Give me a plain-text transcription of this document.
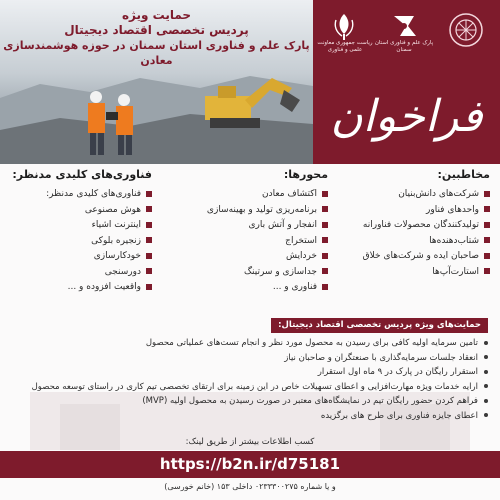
حمایت ویژه
پردیس تخصصی اقتصاد دیجیتال
پارک علم و فناوری استان سمنان در حوزه هوشمندسازی معادن
پارک علم و فناوری استان سمنان
ریاست جمهوری معاونت علمی و فناوری
فراخوان
مخاطبین:
شرکت‌های دانش‌بنیان
واحدهای فناور
تولیدکنندگان محصولات فناورانه
شتاب‌دهنده‌ها
صاحبان ایده و شرکت‌های خلاق
استارت‌آپ‌ها
محورها:
اکتشاف معادن
برنامه‌ریزی تولید و بهینه‌سازی
انفجار و آتش باری
استخراج
خردایش
جداسازی و سرتینگ
فناوری و ...
فناوری‌های کلیدی مدنظر:
فناوری‌های کلیدی مدنظر:
هوش مصنوعی
اینترنت اشیاء
زنجیره بلوکی
خودکارسازی
دورسنجی
واقعیت افزوده و ...
حمایت‌های ویژه پردیس تخصصی اقتصاد دیجیتال:
تامین سرمایه اولیه کافی برای رسیدن به محصول مورد نظر و انجام تست‌های عملیاتی محصول
انعقاد جلسات سرمایه‌گذاری با صنعتگران و صاحبان نیاز
استقرار رایگان در پارک در ۹ ماه اول استقرار
ارایه خدمات ویژه مهارت‌افزایی و اعطای تسهیلات خاص در این زمینه برای ارتقای تخصصی تیم کاری در راستای توسعه محصول
فراهم کردن حضور رایگان تیم در نمایشگاه‌های معتبر در صورت رسیدن به محصول اولیه (MVP)
اعطای جایزه فناوری برای طرح های برگزیده
کسب اطلاعات بیشتر از طریق لینک:
https://b2n.ir/d75181
و یا شماره ۰۲۳۳۳۰۰۲۷۵ داخلی ۱۵۳ (خانم خورسی)
